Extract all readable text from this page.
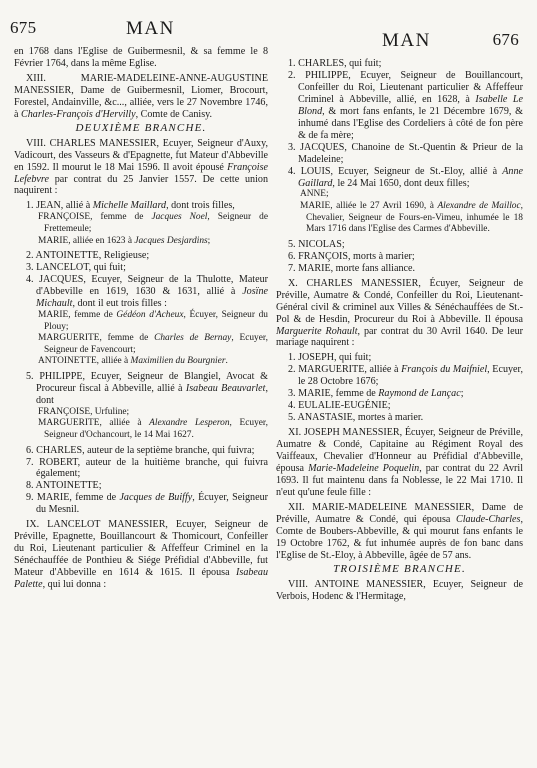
675	MAN
MAN	676

en 1768 dans l'Eglise de Guibermesnil, & sa femme le 8 Février 1764, dans la même Eglise.

XIII. MARIE-MADELEINE-ANNE-AUGUSTINE MANESSIER, Dame de Guibermesnil, Liomer, Brocourt, Forestel, Andainville, &c..., alliée, vers le 27 Novembre 1746, à Charles-François d'Hervilly, Comte de Canisy.

DEUXIÈME BRANCHE.

VIII. CHARLES MANESSIER, Ecuyer, Seigneur d'Auxy, Vadicourt, des Vasseurs & d'Epagnette, fut Mateur d'Abbeville en 1592. Il mourut le 18 Mai 1596. Il avoit épousé Françoise Lefebvre par contrat du 25 Janvier 1557. De cette union naquirent :

1. JEAN, allié à Michelle Maillard, dont trois filles,

FRANÇOISE, femme de Jacques Noel, Seigneur de Frettemeule;

MARIE, alliée en 1623 à Jacques Desjardins;

2. ANTOINETTE, Religieuse;

3. LANCELOT, qui fuit;

4. JACQUES, Ecuyer, Seigneur de la Thulotte, Mateur d'Abbeville en 1619, 1630 & 1631, allié à Josïne Michault, dont il eut trois filles :

MARIE, femme de Gédéon d'Acheux, Écuyer, Seigneur du Plouy;

MARGUERITE, femme de Charles de Bernay, Ecuyer, Seigneur de Favencourt;

ANTOINETTE, alliée à Maximilien du Bourgnier.

5. PHILIPPE, Ecuyer, Seigneur de Blangiel, Avocat & Procureur fiscal à Abbeville, allié à Isabeau Beauvarlet, dont

FRANÇOISE, Urfuline;

MARGUERITE, alliée à Alexandre Lesperon, Ecuyer, Seigneur d'Ochancourt, le 14 Mai 1627.

6. CHARLES, auteur de la septième branche, qui fuivra;

7. ROBERT, auteur de la huitième branche, qui fuivra également;

8. ANTOINETTE;

9. MARIE, femme de Jacques de Buiffy, Écuyer, Seigneur du Mesnil.

IX. LANCELOT MANESSIER, Ecuyer, Seigneur de Préville, Epagnette, Bouillancourt & Thomicourt, Confeiller du Roi, Lieutenant particulier & Affeffeur Criminel en la Sénéchauffée de Ponthieu & Siége Préfidial d'Abbeville, fut Mateur d'Abbeville en 1614 & 1615. Il épousa Isabeau Palette, qui lui donna :

1. CHARLES, qui fuit;

2. PHILIPPE, Ecuyer, Seigneur de Bouillancourt, Confeiller du Roi, Lieutenant particulier & Affeffeur Criminel à Abbeville, allié, en 1628, à Isabelle Le Blond, & mort fans enfants, le 21 Décembre 1679, & inhumé dans l'Eglise des Cordeliers à côté de fon père & de fa mère;

3. JACQUES, Chanoine de St.-Quentin & Prieur de la Madeleine;

4. LOUIS, Ecuyer, Seigneur de St.-Eloy, allié à Anne Gaillard, le 24 Mai 1650, dont deux filles;

ANNE;

MARIE, alliée le 27 Avril 1690, à Alexandre de Mailloc, Chevalier, Seigneur de Fours-en-Vimeu, inhumée le 18 Mars 1716 dans l'Eglise des Carmes d'Abbeville.

5. NICOLAS;

6. FRANÇOIS, morts à marier;

7. MARIE, morte fans alliance.

X. CHARLES MANESSIER, Écuyer, Seigneur de Préville, Aumatre & Condé, Confeiller du Roi, Lieutenant-Général civil & criminel aux Villes & Sénéchauffées de St.-Pol & de Hesdin, Procureur du Roi à Abbeville. Il épousa Marguerite Rohault, par contrat du 30 Avril 1640. De leur mariage naquirent :

1. JOSEPH, qui fuit;

2. MARGUERITE, alliée à François du Maifniel, Ecuyer, le 28 Octobre 1676;

3. MARIE, femme de Raymond de Lançac;

4. EULALIE-EUGÉNIE;

5. ANASTASIE, mortes à marier.

XI. JOSEPH MANESSIER, Écuyer, Seigneur de Préville, Aumatre & Condé, Capitaine au Régiment Royal des Vaiffeaux, Chevalier d'Honneur au Préfidial d'Abbeville, épousa Marie-Madeleine Poquelin, par contrat du 22 Avril 1693. Il fut maintenu dans fa Noblesse, le 22 Mai 1710. Il n'eut qu'une feule fille :

XII. MARIE-MADELEINE MANESSIER, Dame de Préville, Aumatre & Condé, qui épousa Claude-Charles, Comte de Boubers-Abbeville, & qui mourut fans enfants le 19 Octobre 1762, & fut inhumée auprès de fon banc dans l'Eglise de St.-Eloy, à Abbeville, âgée de 57 ans.

TROISIÈME BRANCHE.

VIII. ANTOINE MANESSIER, Ecuyer, Seigneur de Verbois, Hodenc & l'Hermitage,
